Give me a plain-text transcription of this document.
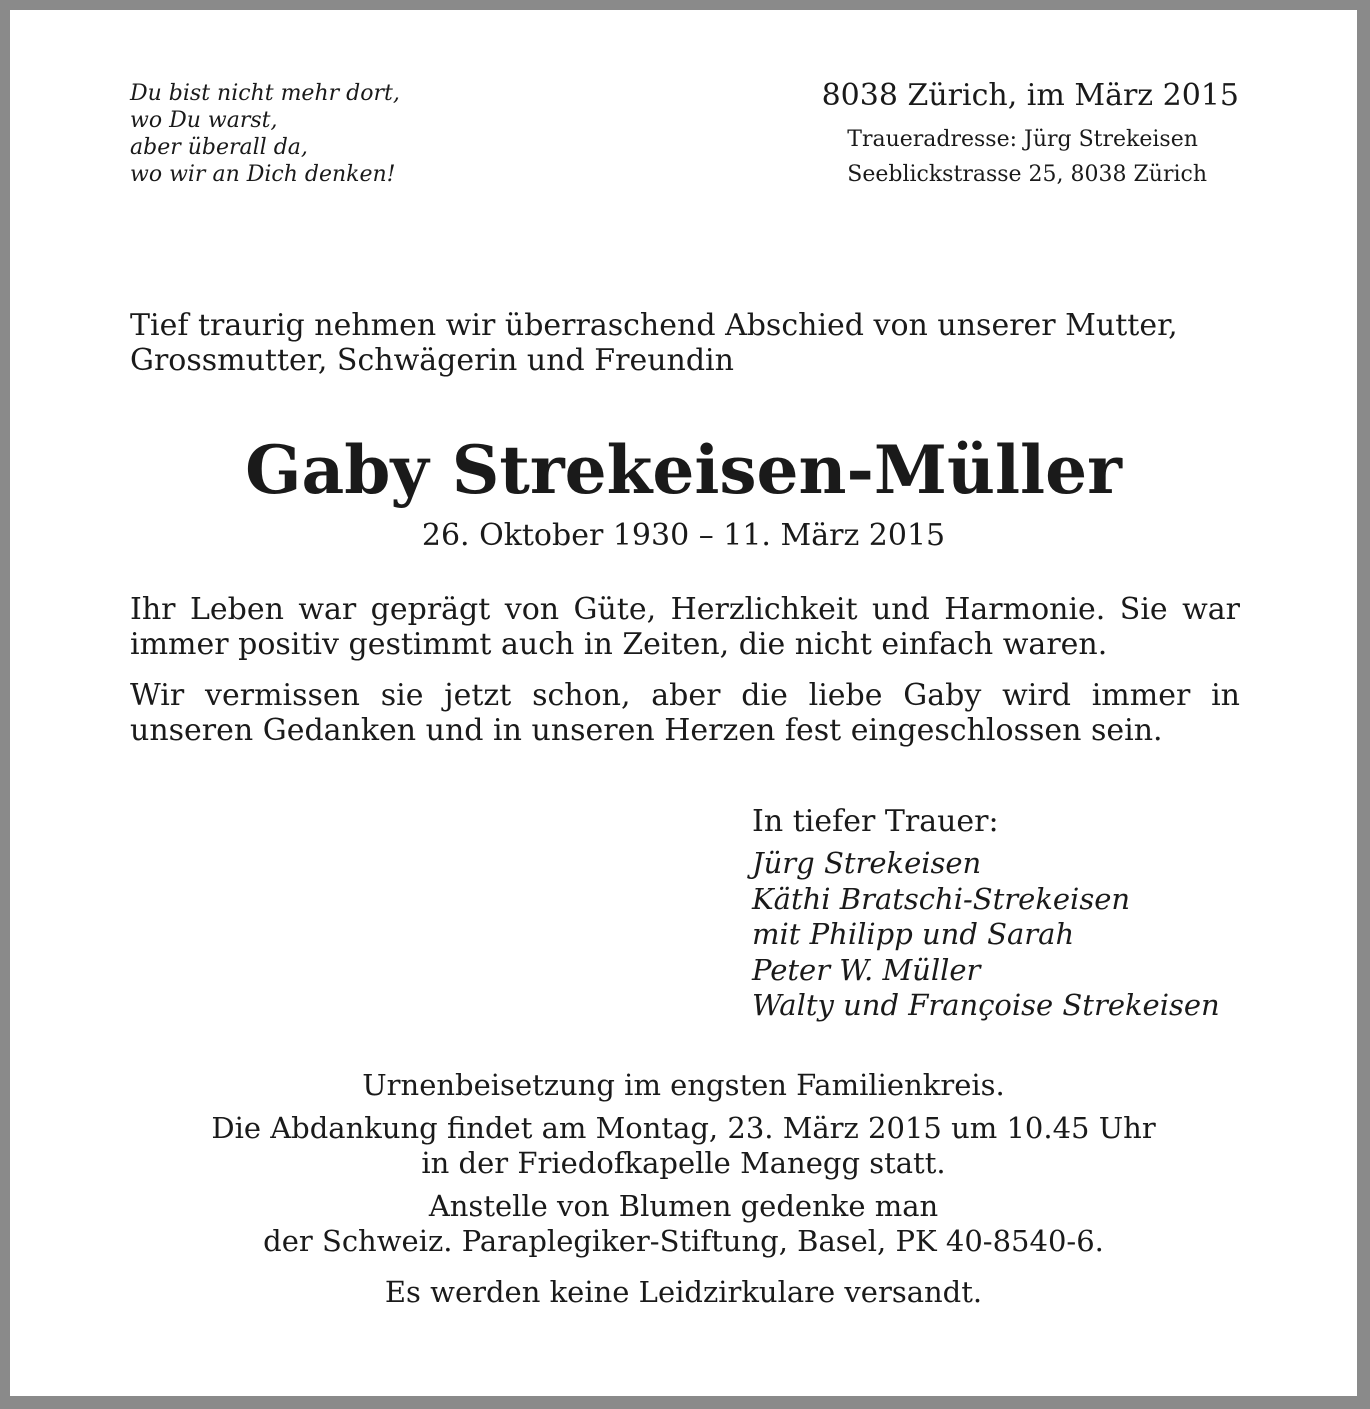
Du bist nicht mehr dort,
wo Du warst,
aber überall da,
wo wir an Dich denken!
8038 Zürich, im März 2015
Traueradresse: Jürg Strekeisen
Seeblickstrasse 25, 8038 Zürich
Tief traurig nehmen wir überraschend Abschied von unserer Mutter,
Grossmutter, Schwägerin und Freundin
Gaby Strekeisen-Müller
26. Oktober 1930 – 11. März 2015
Ihr Leben war geprägt von Güte, Herzlichkeit und Harmonie. Sie war immer positiv gestimmt auch in Zeiten, die nicht einfach waren.
Wir vermissen sie jetzt schon, aber die liebe Gaby wird immer in unseren Gedanken und in unseren Herzen fest eingeschlossen sein.
In tiefer Trauer:
Jürg Strekeisen
Käthi Bratschi-Strekeisen
mit Philipp und Sarah
Peter W. Müller
Walty und Françoise Strekeisen
Urnenbeisetzung im engsten Familienkreis.
Die Abdankung findet am Montag, 23. März 2015 um 10.45 Uhr
in der Friedofkapelle Manegg statt.
Anstelle von Blumen gedenke man
der Schweiz. Paraplegiker-Stiftung, Basel, PK 40-8540-6.
Es werden keine Leidzirkulare versandt.
